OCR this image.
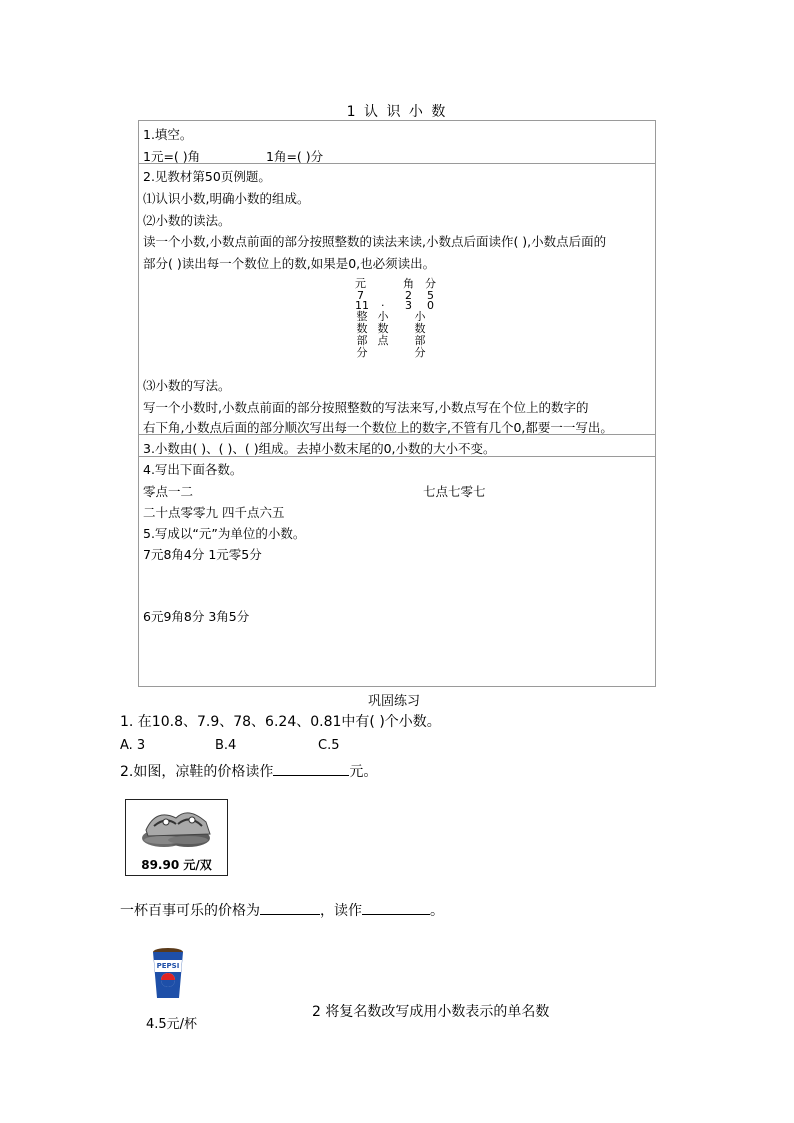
1 认 识 小 数
1.填空。
1元=( )角	1角=( )分
2.见教材第50页例题。
⑴认识小数,明确小数的组成。
⑵小数的读法。
读一个小数,小数点前面的部分按照整数的读法来读,小数点后面读作( ),小数点后面的
部分( )读出每一个数位上的数,如果是0,也必须读出。
元	角 分
7	2 5
11 . 3 0
整数部分
小数点
小数部分
⑶小数的写法。
写一个小数时,小数点前面的部分按照整数的写法来写,小数点写在个位上的数字的
右下角,小数点后面的部分顺次写出每一个数位上的数字,不管有几个0,都要一一写出。
3.小数由( )、( )、( )组成。去掉小数末尾的0,小数的大小不变。
4.写出下面各数。
零点一二	七点七零七
二十点零零九 四千点六五
5.写成以“元”为单位的小数。
7元8角4分 1元零5分
6元9角8分 3角5分
巩固练习
1. 在10.8、7.9、78、6.24、0.81中有( )个小数。
A. 3	B.4	C.5
2.如图，凉鞋的价格读作	元。
89.90 元/双
一杯百事可乐的价格为	，读作	。
PEPSI
4.5元/杯
2 将复名数改写成用小数表示的单名数
